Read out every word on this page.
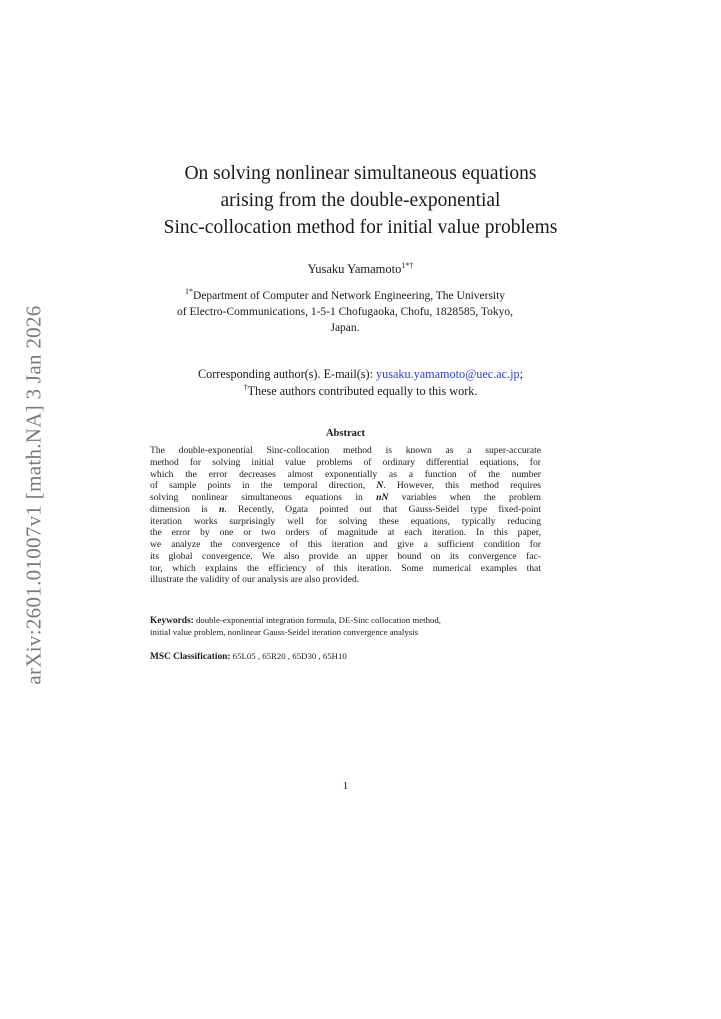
arXiv:2601.01007v1 [math.NA] 3 Jan 2026
On solving nonlinear simultaneous equations
arising from the double-exponential
Sinc-collocation method for initial value problems
Yusaku Yamamoto$^{1*\dagger}$
$^{1*}$Department of Computer and Network Engineering, The University
of Electro-Communications, 1-5-1 Chofugaoka, Chofu, 1828585, Tokyo,
Japan.
Corresponding author(s). E-mail(s): yusaku.yamamoto@uec.ac.jp;
†These authors contributed equally to this work.
Abstract
The double-exponential Sinc-collocation method is known as a super-accurate
method for solving initial value problems of ordinary differential equations, for
which the error decreases almost exponentially as a function of the number
of sample points in the temporal direction, N. However, this method requires
solving nonlinear simultaneous equations in nN variables when the problem
dimension is n. Recently, Ogata pointed out that Gauss-Seidel type fixed-point
iteration works surprisingly well for solving these equations, typically reducing
the error by one or two orders of magnitude at each iteration. In this paper,
we analyze the convergence of this iteration and give a sufficient condition for
its global convergence. We also provide an upper bound on its convergence fac-
tor, which explains the efficiency of this iteration. Some numerical examples that
illustrate the validity of our analysis are also provided.
Keywords: double-exponential integration formula, DE-Sinc collocation method,
initial value problem, nonlinear Gauss-Seidel iteration convergence analysis
MSC Classification: 65L05 , 65R20 , 65D30 , 65H10
1
